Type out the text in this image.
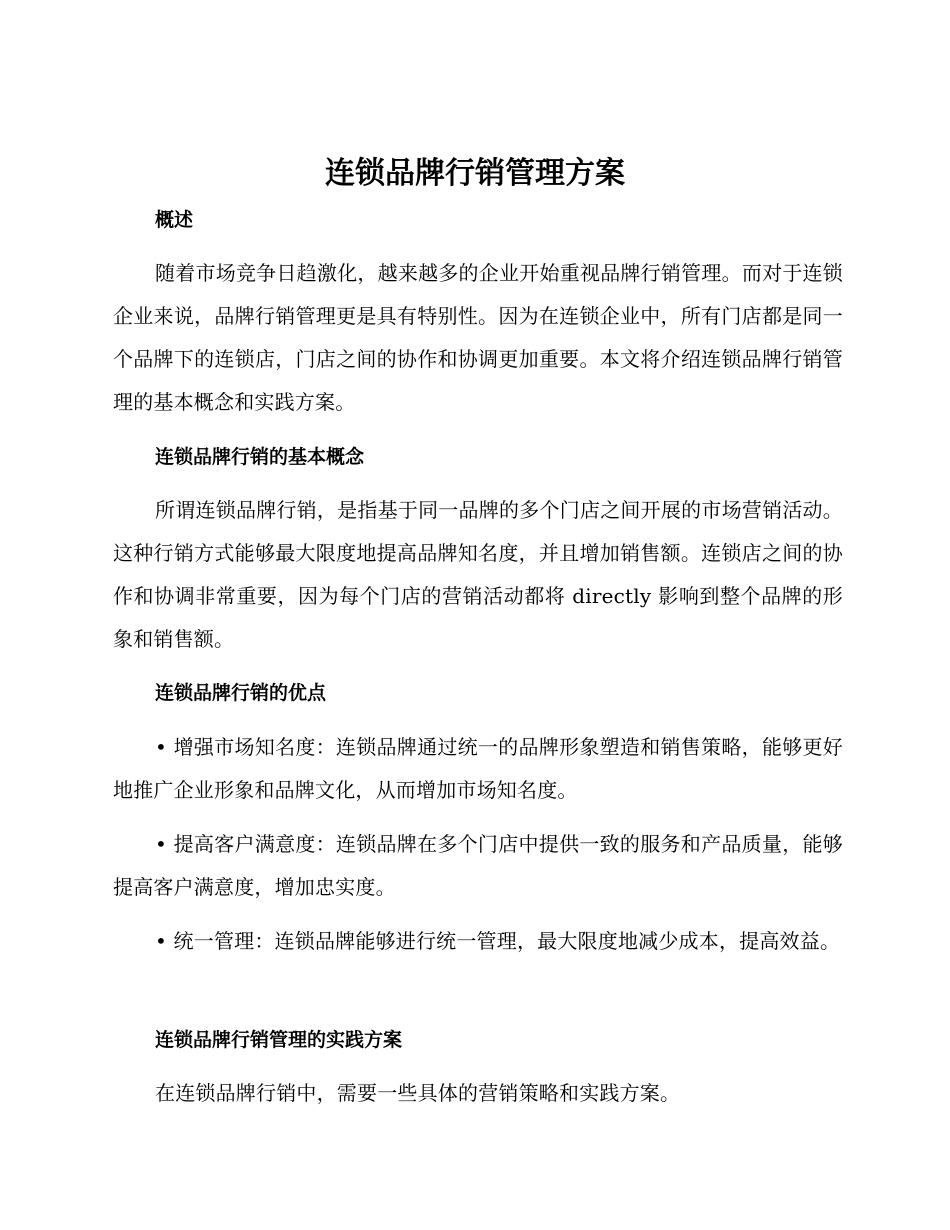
连锁品牌行销管理方案
概述

随着市场竞争日趋激化，越来越多的企业开始重视品牌行销管理。而对于连锁企业来说，品牌行销管理更是具有特别性。因为在连锁企业中，所有门店都是同一个品牌下的连锁店，门店之间的协作和协调更加重要。本文将介绍连锁品牌行销管理的基本概念和实践方案。

连锁品牌行销的基本概念

所谓连锁品牌行销，是指基于同一品牌的多个门店之间开展的市场营销活动。这种行销方式能够最大限度地提高品牌知名度，并且增加销售额。连锁店之间的协作和协调非常重要，因为每个门店的营销活动都将 directly 影响到整个品牌的形象和销售额。

连锁品牌行销的优点

• 增强市场知名度：连锁品牌通过统一的品牌形象塑造和销售策略，能够更好地推广企业形象和品牌文化，从而增加市场知名度。

• 提高客户满意度：连锁品牌在多个门店中提供一致的服务和产品质量，能够提高客户满意度，增加忠实度。

• 统一管理：连锁品牌能够进行统一管理，最大限度地减少成本，提高效益。

连锁品牌行销管理的实践方案

在连锁品牌行销中，需要一些具体的营销策略和实践方案。
